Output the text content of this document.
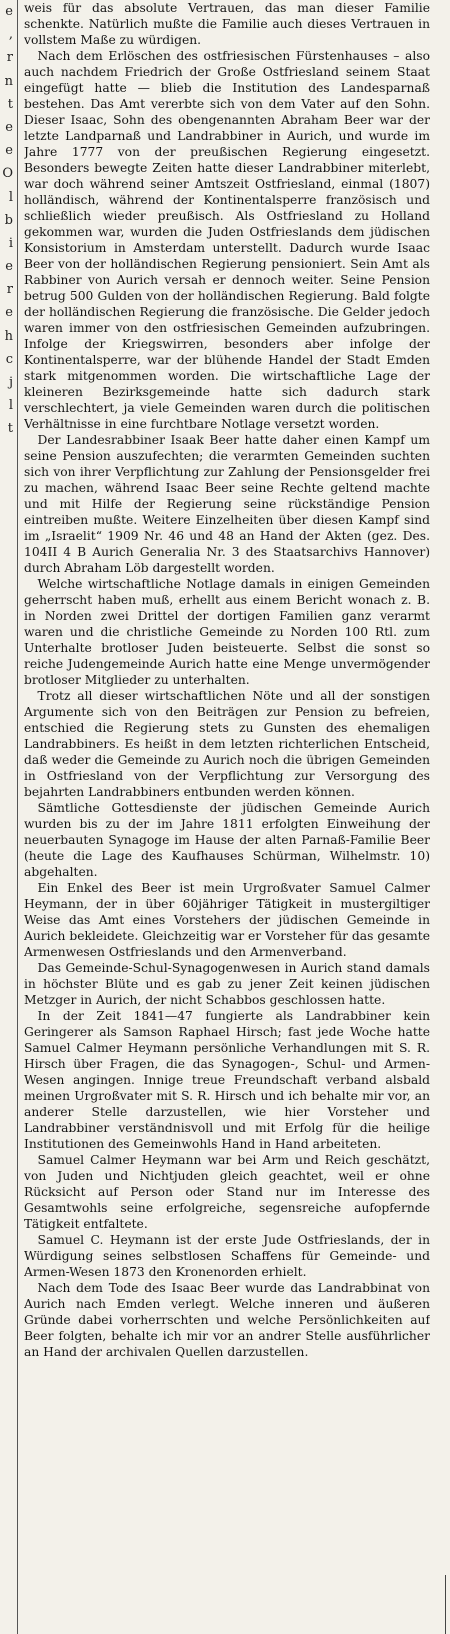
e
,
r
n
t
e
e
O
l
b
i
e
r
e
h
c
j
l
t

weis für das absolute Vertrauen, das man dieser Familie schenkte. Natürlich mußte die Familie auch dieses Vertrauen in vollstem Maße zu würdigen.

Nach dem Erlöschen des ostfriesischen Fürstenhauses – also auch nachdem Friedrich der Große Ostfriesland seinem Staat eingefügt hatte — blieb die Institution des Landesparnaß bestehen. Das Amt vererbte sich von dem Vater auf den Sohn. Dieser Isaac, Sohn des obengenannten Abraham Beer war der letzte Landparnaß und Landrabbiner in Aurich, und wurde im Jahre 1777 von der preußischen Regierung eingesetzt. Besonders bewegte Zeiten hatte dieser Landrabbiner miterlebt, war doch während seiner Amtszeit Ostfriesland, einmal (1807) holländisch, während der Kontinentalsperre französisch und schließlich wieder preußisch. Als Ostfriesland zu Holland gekommen war, wurden die Juden Ostfrieslands dem jüdischen Konsistorium in Amsterdam unterstellt. Dadurch wurde Isaac Beer von der holländischen Regierung pensioniert. Sein Amt als Rabbiner von Aurich versah er dennoch weiter. Seine Pension betrug 500 Gulden von der holländischen Regierung. Bald folgte der holländischen Regierung die französische. Die Gelder jedoch waren immer von den ostfriesischen Gemeinden aufzubringen. Infolge der Kriegswirren, besonders aber infolge der Kontinentalsperre, war der blühende Handel der Stadt Emden stark mitgenommen worden. Die wirtschaftliche Lage der kleineren Bezirksgemeinde hatte sich dadurch stark verschlechtert, ja viele Gemeinden waren durch die politischen Verhältnisse in eine furchtbare Notlage versetzt worden.

Der Landesrabbiner Isaak Beer hatte daher einen Kampf um seine Pension auszufechten; die verarmten Gemeinden suchten sich von ihrer Verpflichtung zur Zahlung der Pensionsgelder frei zu machen, während Isaac Beer seine Rechte geltend machte und mit Hilfe der Regierung seine rückständige Pension eintreiben mußte. Weitere Einzelheiten über diesen Kampf sind im „Israelit“ 1909 Nr. 46 und 48 an Hand der Akten (gez. Des. 104II 4 B Aurich Generalia Nr. 3 des Staatsarchivs Hannover) durch Abraham Löb dargestellt worden.

Welche wirtschaftliche Notlage damals in einigen Gemeinden geherrscht haben muß, erhellt aus einem Bericht wonach z. B. in Norden zwei Drittel der dortigen Familien ganz verarmt waren und die christliche Gemeinde zu Norden 100 Rtl. zum Unterhalte brotloser Juden beisteuerte. Selbst die sonst so reiche Judengemeinde Aurich hatte eine Menge unvermögender brotloser Mitglieder zu unterhalten.

Trotz all dieser wirtschaftlichen Nöte und all der sonstigen Argumente sich von den Beiträgen zur Pension zu befreien, entschied die Regierung stets zu Gunsten des ehemaligen Landrabbiners. Es heißt in dem letzten richterlichen Entscheid, daß weder die Gemeinde zu Aurich noch die übrigen Gemeinden in Ostfriesland von der Verpflichtung zur Versorgung des bejahrten Landrabbiners entbunden werden können.

Sämtliche Gottesdienste der jüdischen Gemeinde Aurich wurden bis zu der im Jahre 1811 erfolgten Einweihung der neuerbauten Synagoge im Hause der alten Parnaß-Familie Beer (heute die Lage des Kaufhauses Schürman, Wilhelmstr. 10) abgehalten.

Ein Enkel des Beer ist mein Urgroßvater Samuel Calmer Heymann, der in über 60jähriger Tätigkeit in mustergiltiger Weise das Amt eines Vorstehers der jüdischen Gemeinde in Aurich bekleidete. Gleichzeitig war er Vorsteher für das gesamte Armenwesen Ostfrieslands und den Armenverband.

Das Gemeinde-Schul-Synagogenwesen in Aurich stand damals in höchster Blüte und es gab zu jener Zeit keinen jüdischen Metzger in Aurich, der nicht Schabbos geschlossen hatte.

In der Zeit 1841—47 fungierte als Landrabbiner kein Geringerer als Samson Raphael Hirsch; fast jede Woche hatte Samuel Calmer Heymann persönliche Verhandlungen mit S. R. Hirsch über Fragen, die das Synagogen-, Schul- und Armen-Wesen angingen. Innige treue Freundschaft verband alsbald meinen Urgroßvater mit S. R. Hirsch und ich behalte mir vor, an anderer Stelle darzustellen, wie hier Vorsteher und Landrabbiner verständnisvoll und mit Erfolg für die heilige Institutionen des Gemeinwohls Hand in Hand arbeiteten.

Samuel Calmer Heymann war bei Arm und Reich geschätzt, von Juden und Nichtjuden gleich geachtet, weil er ohne Rücksicht auf Person oder Stand nur im Interesse des Gesamtwohls seine erfolgreiche, segensreiche aufopfernde Tätigkeit entfaltete.

Samuel C. Heymann ist der erste Jude Ostfrieslands, der in Würdigung seines selbstlosen Schaffens für Gemeinde- und Armen-Wesen 1873 den Kronenorden erhielt.

Nach dem Tode des Isaac Beer wurde das Landrabbinat von Aurich nach Emden verlegt. Welche inneren und äußeren Gründe dabei vorherrschten und welche Persönlichkeiten auf Beer folgten, behalte ich mir vor an andrer Stelle ausführlicher an Hand der archivalen Quellen darzustellen.
